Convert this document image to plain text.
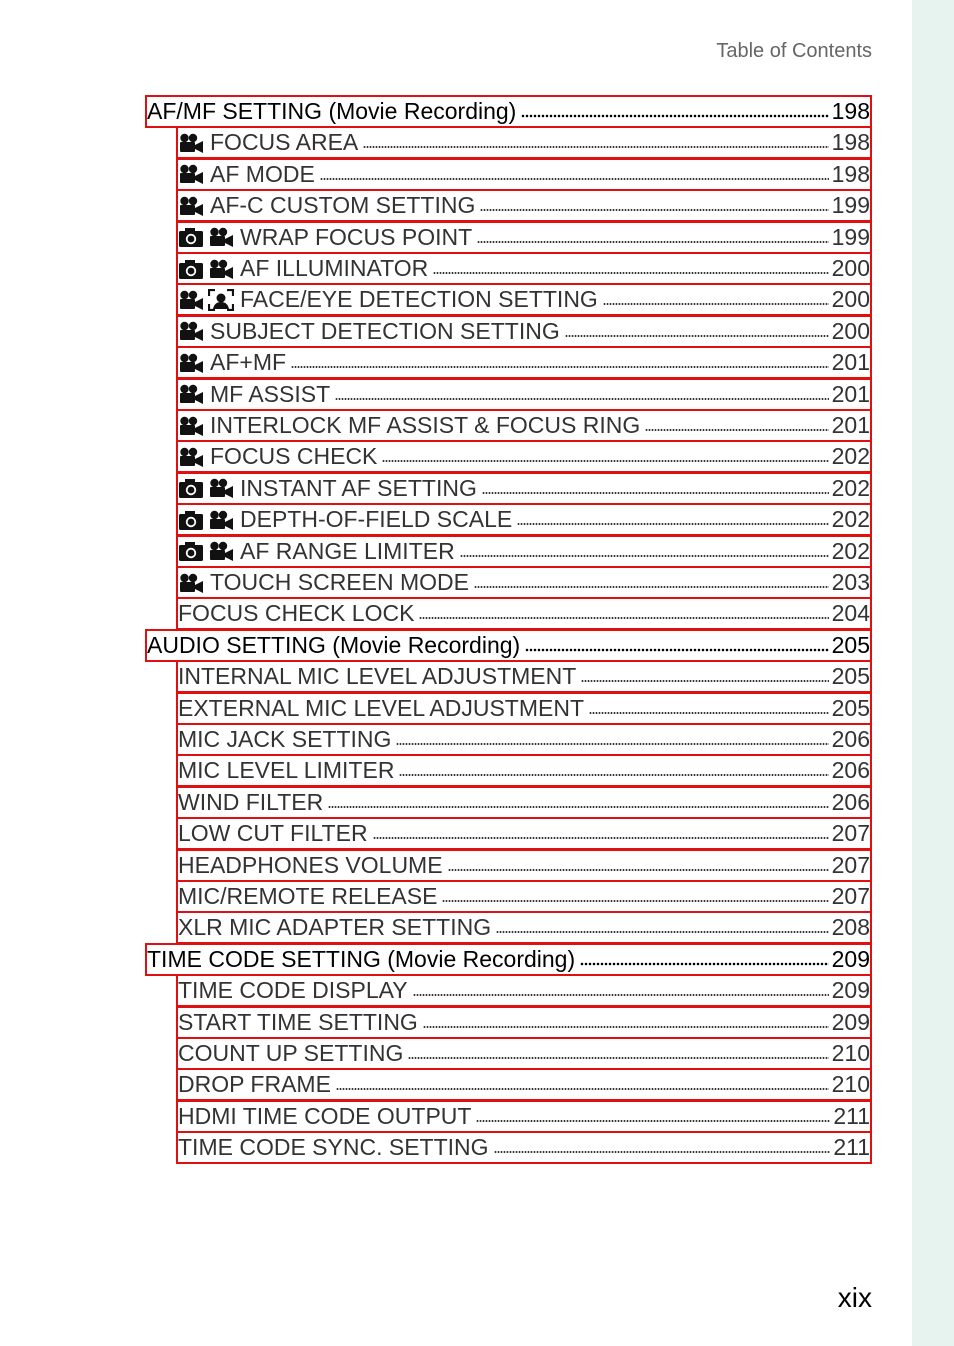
Table of Contents
AF/MF SETTING (Movie Recording)	198
FOCUS AREA	198
AF MODE	198
AF-C CUSTOM SETTING	199
WRAP FOCUS POINT	199
AF ILLUMINATOR	200
FACE/EYE DETECTION SETTING	200
SUBJECT DETECTION SETTING	200
AF+MF	201
MF ASSIST	201
INTERLOCK MF ASSIST & FOCUS RING	201
FOCUS CHECK	202
INSTANT AF SETTING	202
DEPTH-OF-FIELD SCALE	202
AF RANGE LIMITER	202
TOUCH SCREEN MODE	203
FOCUS CHECK LOCK	204
AUDIO SETTING (Movie Recording)	205
INTERNAL MIC LEVEL ADJUSTMENT	205
EXTERNAL MIC LEVEL ADJUSTMENT	205
MIC JACK SETTING	206
MIC LEVEL LIMITER	206
WIND FILTER	206
LOW CUT FILTER	207
HEADPHONES VOLUME	207
MIC/REMOTE RELEASE	207
XLR MIC ADAPTER SETTING	208
TIME CODE SETTING (Movie Recording)	209
TIME CODE DISPLAY	209
START TIME SETTING	209
COUNT UP SETTING	210
DROP FRAME	210
HDMI TIME CODE OUTPUT	211
TIME CODE SYNC. SETTING	211
xix
